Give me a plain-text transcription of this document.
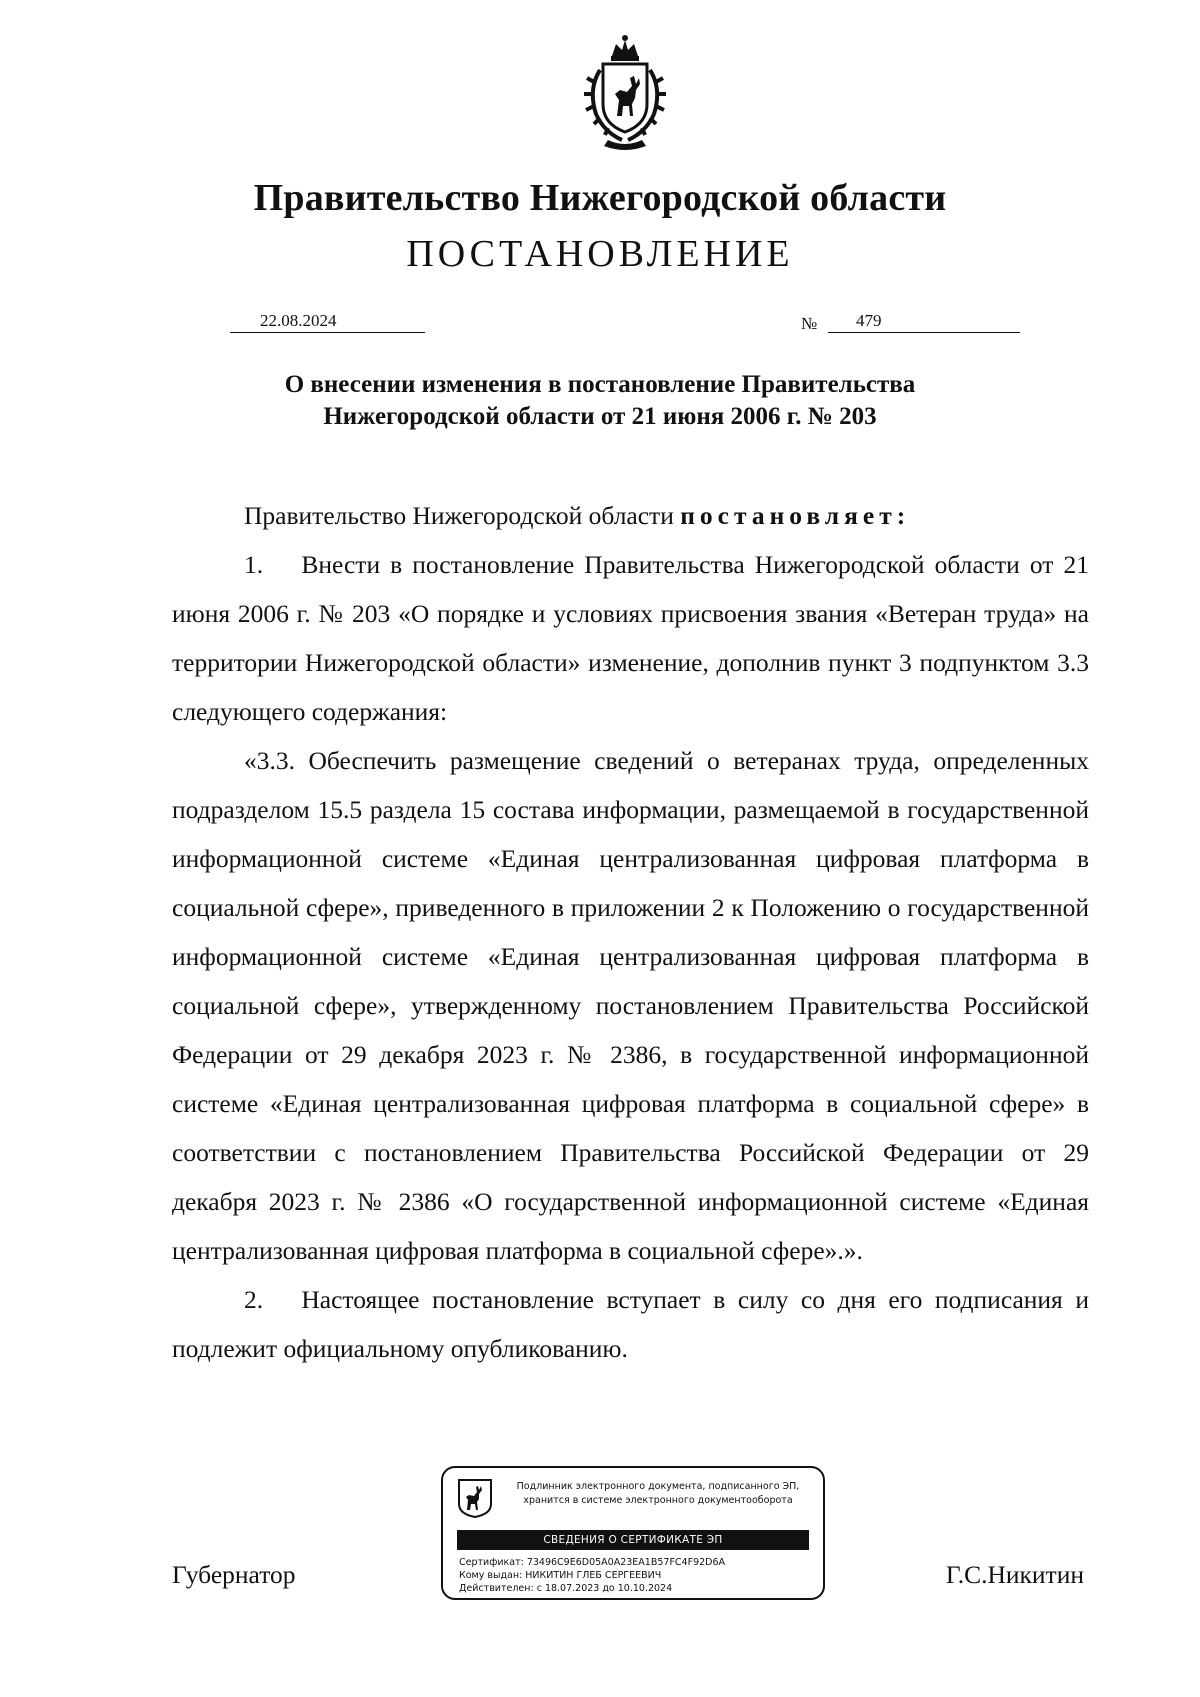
Правительство Нижегородской области
ПОСТАНОВЛЕНИЕ
22.08.2024	№	479
О внесении изменения в постановление Правительства
Нижегородской области от 21 июня 2006 г. № 203

Правительство Нижегородской области постановляет:

1.  Внести в постановление Правительства Нижегородской области от 21 июня 2006 г. № 203 «О порядке и условиях присвоения звания «Ветеран труда» на территории Нижегородской области» изменение, дополнив пункт 3 подпунктом 3.3 следующего содержания:

«3.3. Обеспечить размещение сведений о ветеранах труда, определенных подразделом 15.5 раздела 15 состава информации, размещаемой в государственной информационной системе «Единая централизованная цифровая платформа в социальной сфере», приведенного в приложении 2 к Положению о государственной информационной системе «Единая централизованная цифровая платформа в социальной сфере», утвержденному постановлением Правительства Российской Федерации от 29 декабря 2023 г. № 2386, в государственной информационной системе «Единая централизованная цифровая платформа в социальной сфере» в соответствии с постановлением Правительства Российской Федерации от 29 декабря 2023 г. № 2386 «О государственной информационной системе «Единая централизованная цифровая платформа в социальной сфере».».

2.  Настоящее постановление вступает в силу со дня его подписания и подлежит официальному опубликованию.

Губернатор	Г.С.Никитин
Подлинник электронного документа, подписанного ЭП,
хранится в системе электронного документооборота
СВЕДЕНИЯ О СЕРТИФИКАТЕ ЭП
Сертификат: 73496C9E6D05A0A23EA1B57FC4F92D6A
Кому выдан: НИКИТИН ГЛЕБ СЕРГЕЕВИЧ
Действителен: с 18.07.2023 до 10.10.2024
